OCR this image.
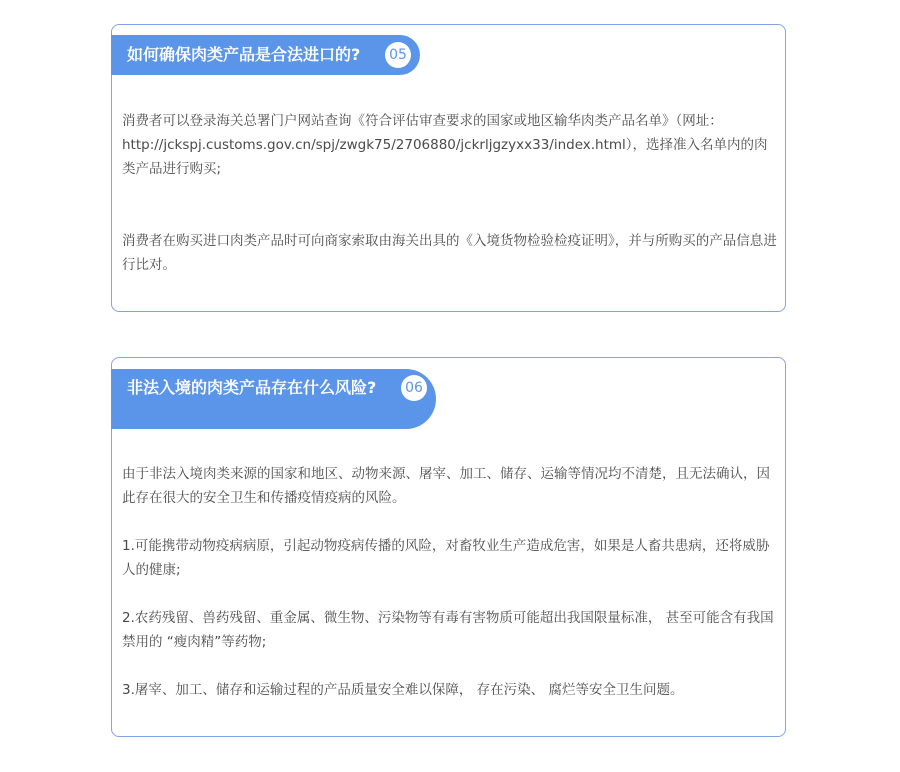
如何确保肉类产品是合法进口的? 05

消费者可以登录海关总署门户网站查询《符合评估审查要求的国家或地区输华肉类产品名单》（网址： http://jckspj.customs.gov.cn/spj/zwgk75/2706880/jckrljgzyxx33/index.html），选择准入名单内的肉类产品进行购买;

消费者在购买进口肉类产品时可向商家索取由海关出具的《入境货物检验检疫证明》，并与所购买的产品信息进行比对。

非法入境的肉类产品存在什么风险? 06

由于非法入境肉类来源的国家和地区、动物来源、屠宰、加工、储存、运输等情况均不清楚，且无法确认，因此存在很大的安全卫生和传播疫情疫病的风险。

1.可能携带动物疫病病原，引起动物疫病传播的风险，对畜牧业生产造成危害，如果是人畜共患病，还将威胁人的健康;

2.农药残留、兽药残留、重金属、微生物、污染物等有毒有害物质可能超出我国限量标准， 甚至可能含有我国禁用的 “瘦肉精”等药物;

3.屠宰、加工、储存和运输过程的产品质量安全难以保障， 存在污染、 腐烂等安全卫生问题。
